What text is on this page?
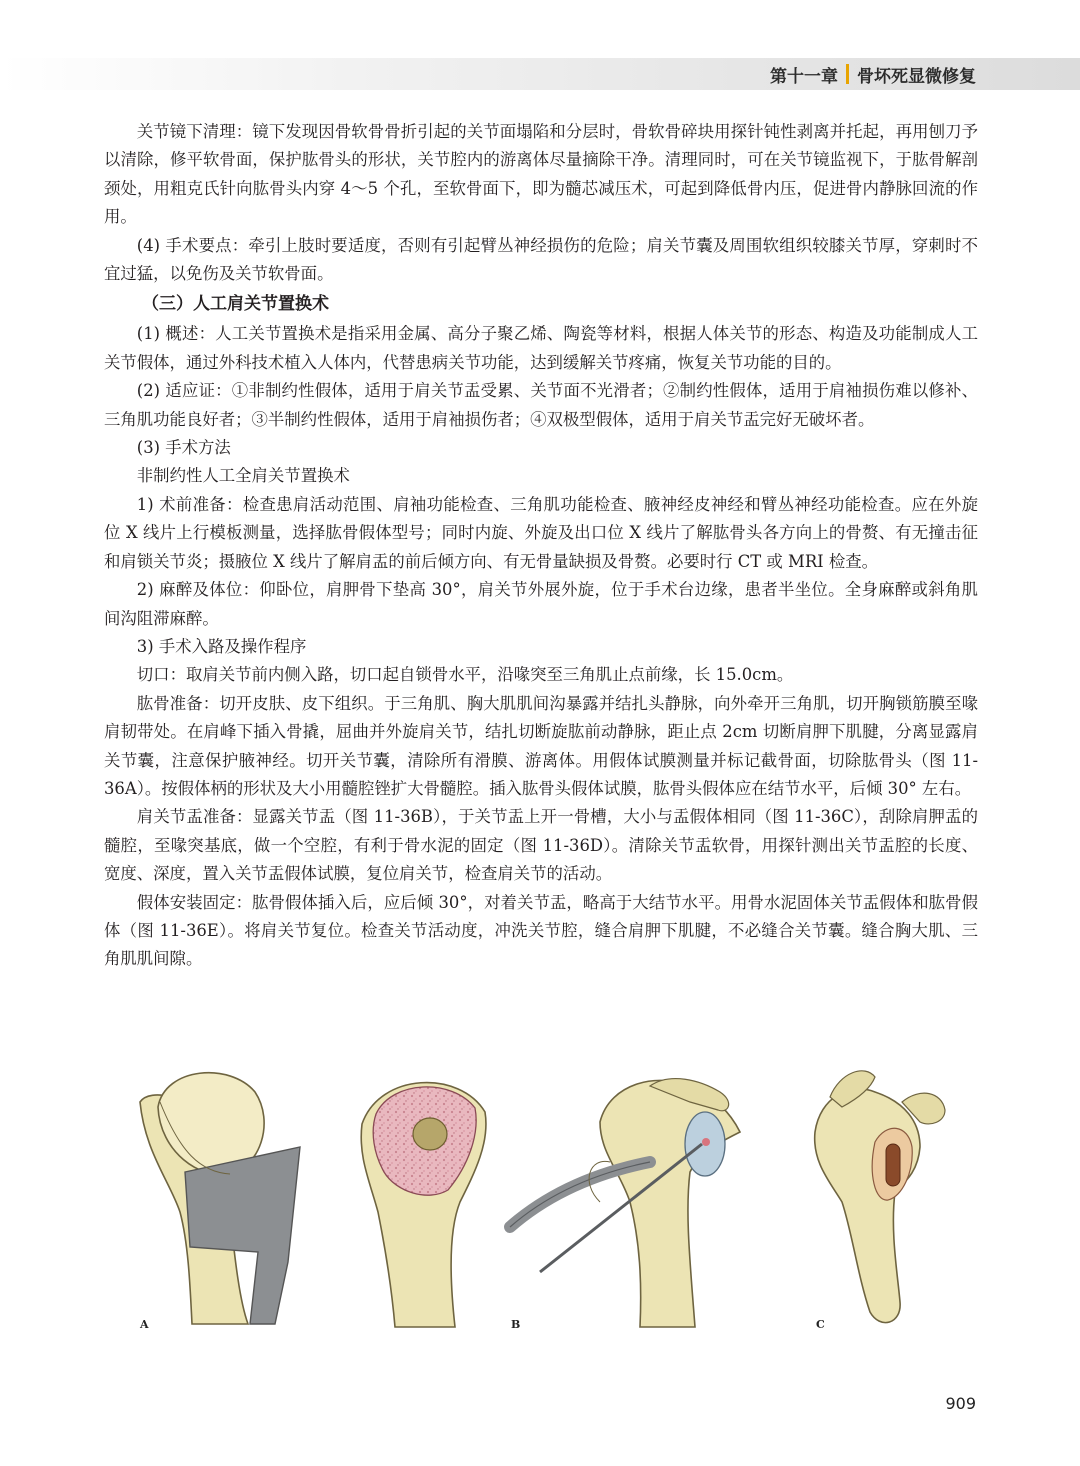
第十一章 骨坏死显微修复

关节镜下清理：镜下发现因骨软骨骨折引起的关节面塌陷和分层时，骨软骨碎块用探针钝性剥离并托起，再用刨刀予以清除，修平软骨面，保护肱骨头的形状，关节腔内的游离体尽量摘除干净。清理同时，可在关节镜监视下，于肱骨解剖颈处，用粗克氏针向肱骨头内穿 4～5 个孔，至软骨面下，即为髓芯减压术，可起到降低骨内压，促进骨内静脉回流的作用。

(4) 手术要点：牵引上肢时要适度，否则有引起臂丛神经损伤的危险；肩关节囊及周围软组织较膝关节厚，穿刺时不宜过猛，以免伤及关节软骨面。

（三）人工肩关节置换术

(1) 概述：人工关节置换术是指采用金属、高分子聚乙烯、陶瓷等材料，根据人体关节的形态、构造及功能制成人工关节假体，通过外科技术植入人体内，代替患病关节功能，达到缓解关节疼痛，恢复关节功能的目的。

(2) 适应证：①非制约性假体，适用于肩关节盂受累、关节面不光滑者；②制约性假体，适用于肩袖损伤难以修补、三角肌功能良好者；③半制约性假体，适用于肩袖损伤者；④双极型假体，适用于肩关节盂完好无破坏者。

(3) 手术方法

非制约性人工全肩关节置换术

1) 术前准备：检查患肩活动范围、肩袖功能检查、三角肌功能检查、腋神经皮神经和臂丛神经功能检查。应在外旋位 X 线片上行模板测量，选择肱骨假体型号；同时内旋、外旋及出口位 X 线片了解肱骨头各方向上的骨赘、有无撞击征和肩锁关节炎；摄腋位 X 线片了解肩盂的前后倾方向、有无骨量缺损及骨赘。必要时行 CT 或 MRI 检查。

2) 麻醉及体位：仰卧位，肩胛骨下垫高 30°，肩关节外展外旋，位于手术台边缘，患者半坐位。全身麻醉或斜角肌间沟阻滞麻醉。

3) 手术入路及操作程序

切口：取肩关节前内侧入路，切口起自锁骨水平，沿喙突至三角肌止点前缘，长 15.0cm。

肱骨准备：切开皮肤、皮下组织。于三角肌、胸大肌肌间沟暴露并结扎头静脉，向外牵开三角肌，切开胸锁筋膜至喙肩韧带处。在肩峰下插入骨撬，屈曲并外旋肩关节，结扎切断旋肱前动静脉，距止点 2cm 切断肩胛下肌腱，分离显露肩关节囊，注意保护腋神经。切开关节囊，清除所有滑膜、游离体。用假体试膜测量并标记截骨面，切除肱骨头（图 11-36A）。按假体柄的形状及大小用髓腔锉扩大骨髓腔。插入肱骨头假体试膜，肱骨头假体应在结节水平，后倾 30° 左右。

肩关节盂准备：显露关节盂（图 11-36B），于关节盂上开一骨槽，大小与盂假体相同（图 11-36C），刮除肩胛盂的髓腔，至喙突基底，做一个空腔，有利于骨水泥的固定（图 11-36D）。清除关节盂软骨，用探针测出关节盂腔的长度、宽度、深度，置入关节盂假体试膜，复位肩关节，检查肩关节的活动。

假体安装固定：肱骨假体插入后，应后倾 30°，对着关节盂，略高于大结节水平。用骨水泥固体关节盂假体和肱骨假体（图 11-36E）。将肩关节复位。检查关节活动度，冲洗关节腔，缝合肩胛下肌腱，不必缝合关节囊。缝合胸大肌、三角肌肌间隙。

A	B	C
909
